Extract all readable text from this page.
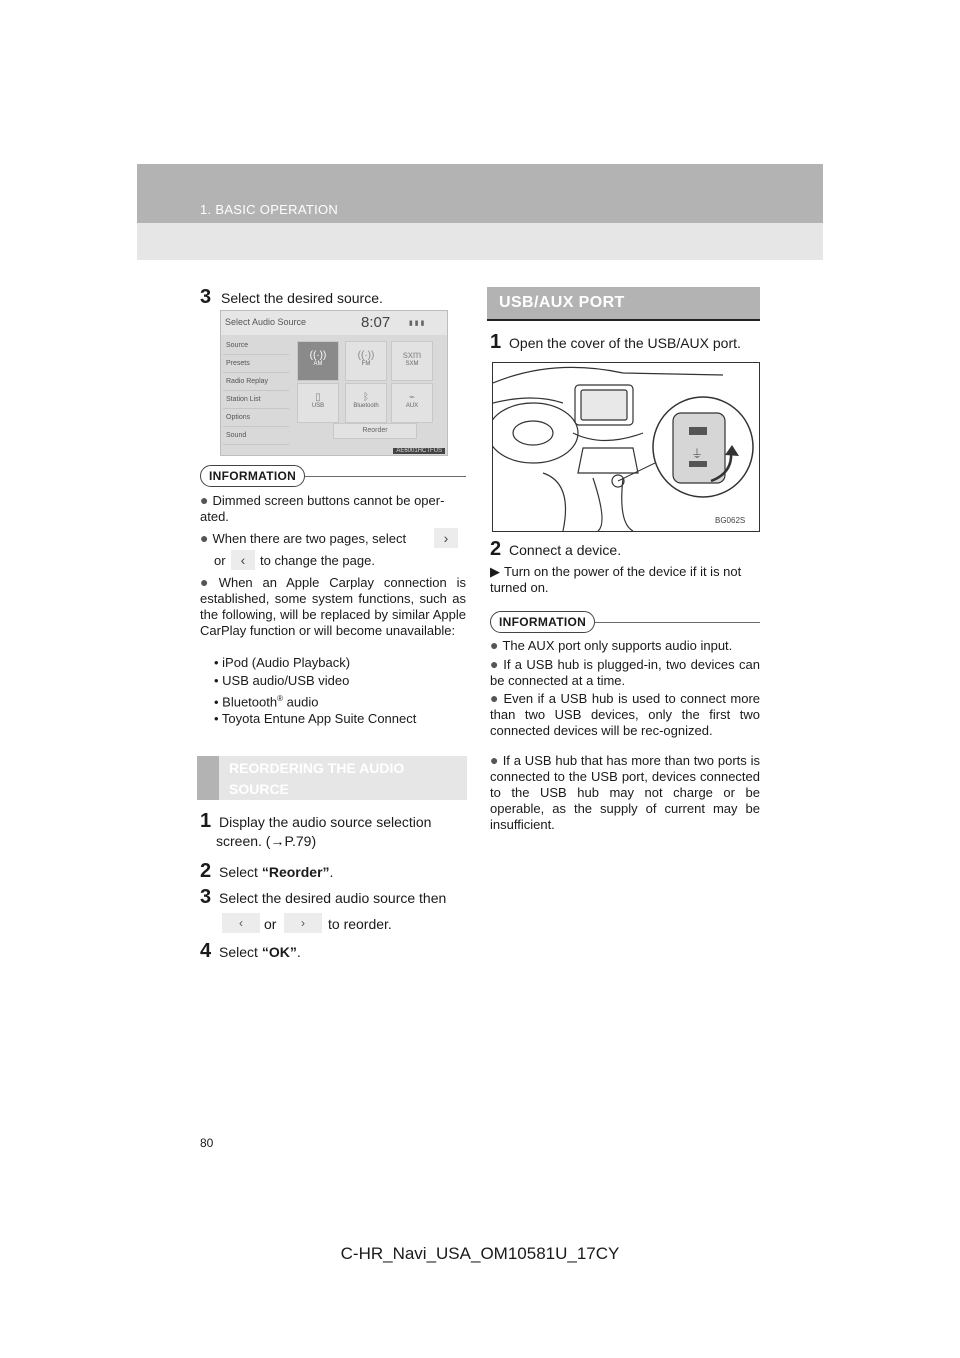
1. BASIC OPERATION
3 Select the desired source.
Select Audio Source	8:07	▮ ▮ ▮
Source
Presets
Radio Replay
Station List
Options
Sound
((·))
AM
((·))
FM
sxm
SXM
▯
USB
ᛒ
Bluetooth
⌁
AUX
Reorder
AE6001HCTFUS
INFORMATION
● Dimmed screen buttons cannot be oper-
ated.
● When there are two pages, select	›
or	‹	to change the page.
● When an Apple Carplay connection is established, some system functions, such as the following, will be replaced by similar Apple CarPlay function or will become unavailable:
• iPod (Audio Playback)
• USB audio/USB video
• Bluetooth® audio
• Toyota Entune App Suite Connect
REORDERING THE AUDIO
SOURCE
1 Display the audio source selection
screen. (→P.79)
2 Select “Reorder”.
3 Select the desired audio source then
‹	or	›	to reorder.
4 Select “OK”.
USB/AUX PORT
1 Open the cover of the USB/AUX port.
⏚
BG062S
2 Connect a device.
▶ Turn on the power of the device if it is not turned on.
INFORMATION
● The AUX port only supports audio input.
● If a USB hub is plugged-in, two devices can be connected at a time.
● Even if a USB hub is used to connect more than two USB devices, only the first two connected devices will be rec-ognized.
● If a USB hub that has more than two ports is connected to the USB port, devices connected to the USB hub may not charge or be operable, as the supply of current may be insufficient.
80
C-HR_Navi_USA_OM10581U_17CY
